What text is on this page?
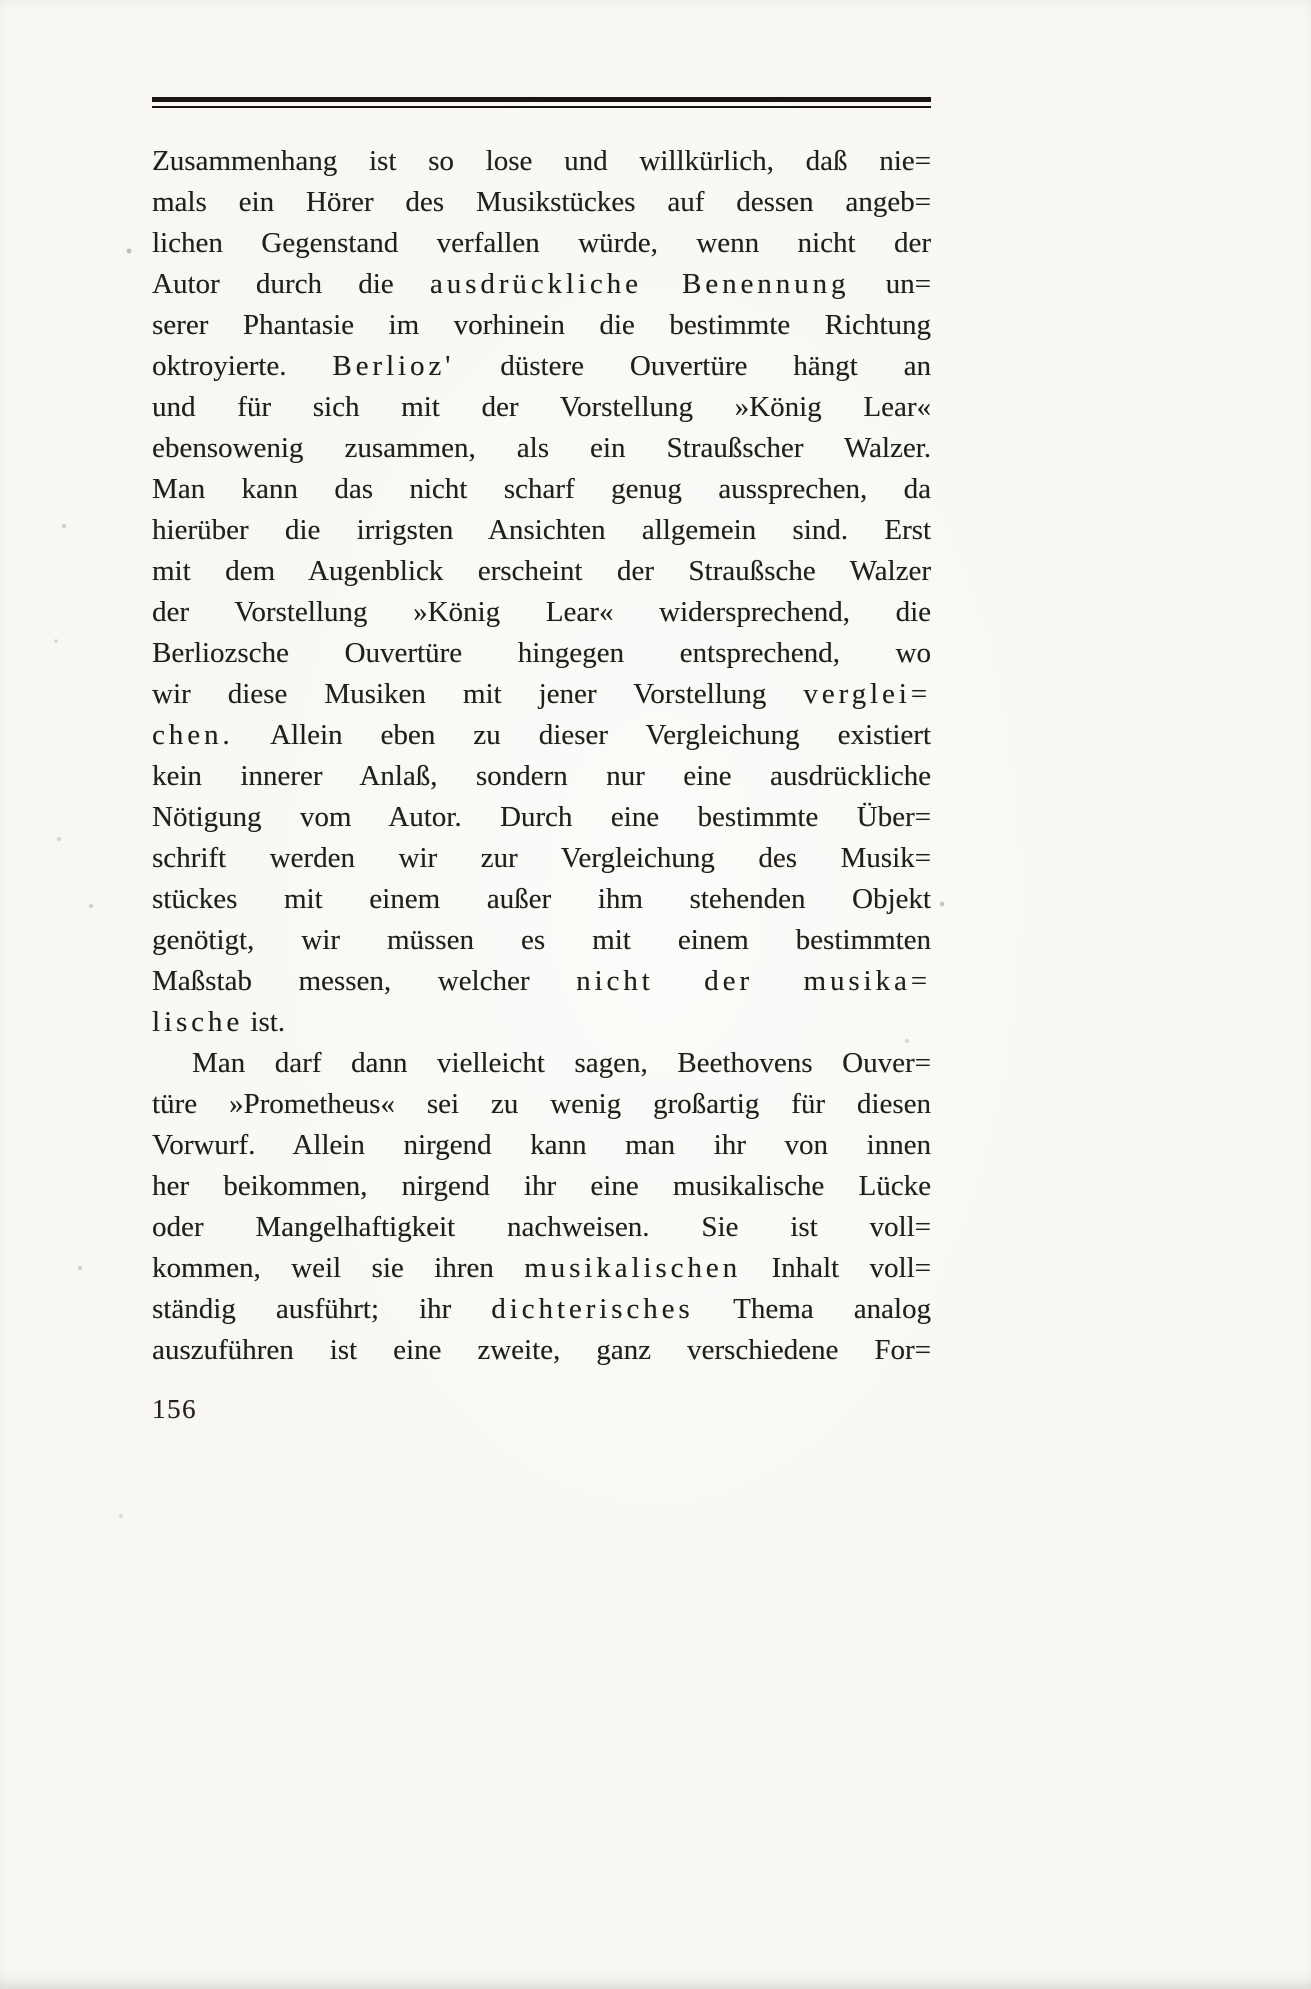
Zusammenhang ist so lose und willkürlich, daß nie=
mals ein Hörer des Musikstückes auf dessen angeb=
lichen Gegenstand verfallen würde, wenn nicht der
Autor durch die ausdrückliche Benennung un=
serer Phantasie im vorhinein die bestimmte Richtung
oktroyierte. Berlioz' düstere Ouvertüre hängt an
und für sich mit der Vorstellung »König Lear«
ebensowenig zusammen, als ein Straußscher Walzer.
Man kann das nicht scharf genug aussprechen, da
hierüber die irrigsten Ansichten allgemein sind. Erst
mit dem Augenblick erscheint der Straußsche Walzer
der Vorstellung »König Lear« widersprechend, die
Berliozsche Ouvertüre hingegen entsprechend, wo
wir diese Musiken mit jener Vorstellung verglei=
chen. Allein eben zu dieser Vergleichung existiert
kein innerer Anlaß, sondern nur eine ausdrückliche
Nötigung vom Autor. Durch eine bestimmte Über=
schrift werden wir zur Vergleichung des Musik=
stückes mit einem außer ihm stehenden Objekt
genötigt, wir müssen es mit einem bestimmten
Maßstab messen, welcher nicht der musika=
lische ist.
Man darf dann vielleicht sagen, Beethovens Ouver=
türe »Prometheus« sei zu wenig großartig für diesen
Vorwurf. Allein nirgend kann man ihr von innen
her beikommen, nirgend ihr eine musikalische Lücke
oder Mangelhaftigkeit nachweisen. Sie ist voll=
kommen, weil sie ihren musikalischen Inhalt voll=
ständig ausführt; ihr dichterisches Thema analog
auszuführen ist eine zweite, ganz verschiedene For=
156
